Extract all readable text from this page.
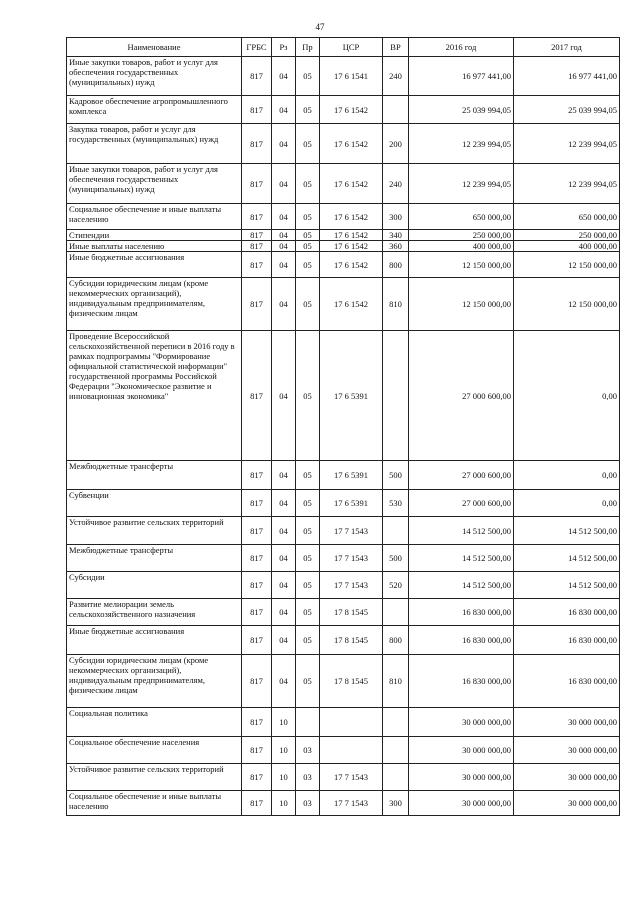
47
Наименование	ГРБС	Рз	Пр	ЦСР	ВР	2016 год	2017 год
Иные закупки товаров, работ и услуг для обеспечения государственных (муниципальных) нужд	817	04	05	17 6 1541	240	16 977 441,00	16 977 441,00
Кадровое обеспечение агропромышленного комплекса	817	04	05	17 6 1542		25 039 994,05	25 039 994,05
Закупка товаров, работ и услуг для государственных (муниципальных) нужд	817	04	05	17 6 1542	200	12 239 994,05	12 239 994,05
Иные закупки товаров, работ и услуг для обеспечения государственных (муниципальных) нужд	817	04	05	17 6 1542	240	12 239 994,05	12 239 994,05
Социальное обеспечение и иные выплаты населению	817	04	05	17 6 1542	300	650 000,00	650 000,00
Стипендии	817	04	05	17 6 1542	340	250 000,00	250 000,00
Иные выплаты населению	817	04	05	17 6 1542	360	400 000,00	400 000,00
Иные бюджетные ассигнования	817	04	05	17 6 1542	800	12 150 000,00	12 150 000,00
Субсидии юридическим лицам (кроме некоммерческих организаций), индивидуальным предпринимателям, физическим лицам	817	04	05	17 6 1542	810	12 150 000,00	12 150 000,00
Проведение Всероссийской сельскохозяйственной переписи в 2016 году в рамках подпрограммы "Формирование официальной статистической информации" государственной программы Российской Федерации "Экономическое развитие и инновационная экономика"	817	04	05	17 6 5391		27 000 600,00	0,00
Межбюджетные трансферты	817	04	05	17 6 5391	500	27 000 600,00	0,00
Субвенции	817	04	05	17 6 5391	530	27 000 600,00	0,00
Устойчивое развитие сельских территорий	817	04	05	17 7 1543		14 512 500,00	14 512 500,00
Межбюджетные трансферты	817	04	05	17 7 1543	500	14 512 500,00	14 512 500,00
Субсидии	817	04	05	17 7 1543	520	14 512 500,00	14 512 500,00
Развитие мелиорации земель сельскохозяйственного назначения	817	04	05	17 8 1545		16 830 000,00	16 830 000,00
Иные бюджетные ассигнования	817	04	05	17 8 1545	800	16 830 000,00	16 830 000,00
Субсидии юридическим лицам (кроме некоммерческих организаций), индивидуальным предпринимателям, физическим лицам	817	04	05	17 8 1545	810	16 830 000,00	16 830 000,00
Социальная политика	817	10				30 000 000,00	30 000 000,00
Социальное обеспечение населения	817	10	03			30 000 000,00	30 000 000,00
Устойчивое развитие сельских территорий	817	10	03	17 7 1543		30 000 000,00	30 000 000,00
Социальное обеспечение и иные выплаты населению	817	10	03	17 7 1543	300	30 000 000,00	30 000 000,00
